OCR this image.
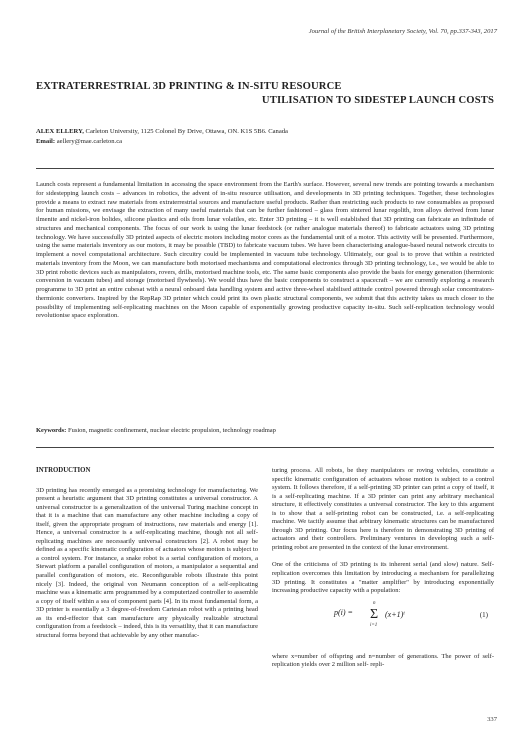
Journal of the British Interplanetary Society, Vol. 70, pp.337-343, 2017
EXTRATERRESTRIAL 3D PRINTING & IN-SITU RESOURCE
UTILISATION TO SIDESTEP LAUNCH COSTS
ALEX ELLERY, Carleton University, 1125 Colonel By Drive, Ottawa, ON. K1S 5B6. Canada
Email: aellery@mae.carleton.ca
Launch costs represent a fundamental limitation in accessing the space environment from the Earth's surface. However, several new trends are pointing towards a mechanism for sidestepping launch costs – advances in robotics, the advent of in-situ resource utilisation, and developments in 3D printing techniques. Together, these technologies provide a means to extract raw materials from extraterrestrial sources and manufacture useful products. Rather than restricting such products to raw consumables as proposed for human missions, we envisage the extraction of many useful materials that can be further fashioned – glass from sintered lunar regolith, iron alloys derived from lunar ilmenite and nickel-iron bolides, silicone plastics and oils from lunar volatiles, etc. Enter 3D printing – it is well established that 3D printing can fabricate an infinitude of structures and mechanical components. The focus of our work is using the lunar feedstock (or rather analogue materials thereof) to fabricate actuators using 3D printing technology. We have successfully 3D printed aspects of electric motors including motor cores as the fundamental unit of a motor. This activity will be presented. Furthermore, using the same materials inventory as our motors, it may be possible (TBD) to fabricate vacuum tubes. We have been characterising analogue-based neural network circuits to implement a novel computational architecture. Such circuitry could be implemented in vacuum tube technology. Ultimately, our goal is to prove that within a restricted materials inventory from the Moon, we can manufacture both motorised mechanisms and computational electronics through 3D printing technology, i.e., we would be able to 3D print robotic devices such as manipulators, rovers, drills, motorised machine tools, etc. The same basic components also provide the basis for energy generation (thermionic conversion in vacuum tubes) and storage (motorised flywheels). We would thus have the basic components to construct a spacecraft – we are currently exploring a research programme to 3D print an entire cubesat with a neural onboard data handling system and active three-wheel stabilised attitude control powered through solar concentrators-thermionic converters. Inspired by the RepRap 3D printer which could print its own plastic structural components, we submit that this activity takes us much closer to the possibility of implementing self-replicating machines on the Moon capable of exponentially growing productive capacity in-situ. Such self-replication technology would revolutionise space exploration.
Keywords: Fusion, magnetic confinement, nuclear electric propulsion, technology roadmap

INTRODUCTION

3D printing has recently emerged as a promising technology for manufacturing. We present a heuristic argument that 3D printing constitutes a universal constructor. A universal constructor is a generalization of the universal Turing machine concept in that it is a machine that can manufacture any other machine including a copy of itself, given the appropriate program of instructions, raw materials and energy [1]. Hence, a universal constructor is a self-replicating machine, though not all self-replicating machines are necessarily universal constructors [2]. A robot may be defined as a specific kinematic configuration of actuators whose motion is subject to a control system. For instance, a snake robot is a serial configuration of motors, a Stewart platform a parallel configuration of motors, a manipulator a sequential and parallel configuration of motors, etc. Reconfigurable robots illustrate this point nicely [3]. Indeed, the original von Neumann conception of a self-replicating machine was a kinematic arm programmed by a computerized controller to assemble a copy of itself within a sea of component parts [4]. In its most fundamental form, a 3D printer is essentially a 3 degree-of-freedom Cartesian robot with a printing head as its end-effector that can manufacture any physically realizable structural configuration from a feedstock – indeed, this is its versatility, that it can manufacture structural forms beyond that achievable by any other manufac-

turing process. All robots, be they manipulators or roving vehicles, constitute a specific kinematic configuration of actuators whose motion is subject to a control system. It follows therefore, if a self-printing 3D printer can print a copy of itself, it is a self-replicating machine. If a 3D printer can print any arbitrary mechanical structure, it effectively constitutes a universal constructor. The key to this argument is to show that a self-printing robot can be constructed, i.e. a self-replicating machine. We tacitly assume that arbitrary kinematic structures can be manufactured through 3D printing. Our focus here is therefore in demonstrating 3D printing of actuators and their controllers. Preliminary ventures in developing such a self-printing robot are presented in the context of the lunar environment.

One of the criticisms of 3D printing is its inherent serial (and slow) nature. Self-replication overcomes this limitation by introducing a mechanism for parallelizing 3D printing. It constitutes a "matter amplifier" by introducing exponentially increasing productive capacity with a population:

p(i) =
n
Σ
i=1
(x+1)ⁱ	(1)

where x=number of offspring and n=number of generations. The power of self-replication yields over 2 million self- repli-

337
